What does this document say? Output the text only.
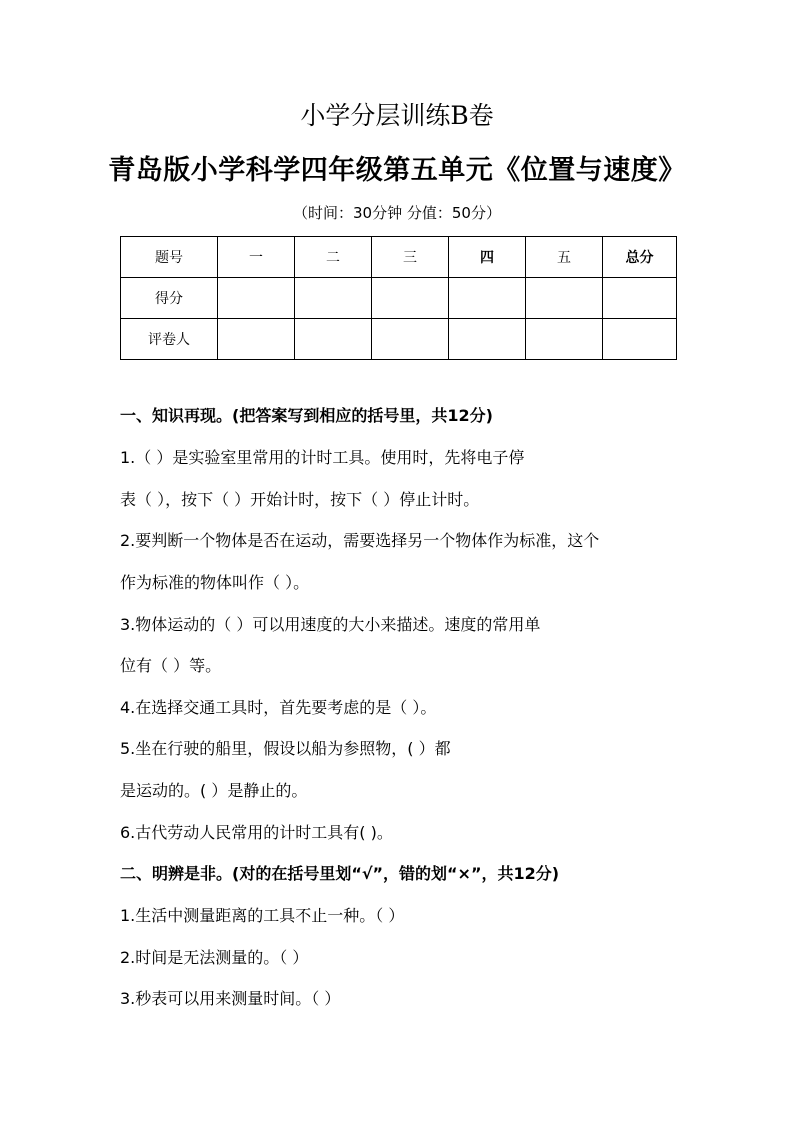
小学分层训练B卷
青岛版小学科学四年级第五单元《位置与速度》
（时间：30分钟 分值：50分）
题号	一	二	三	四	五	总分
得分						
评卷人						
一、知识再现。(把答案写到相应的括号里，共12分)
1.（ ）是实验室里常用的计时工具。使用时，先将电子停
表（ ），按下（ ）开始计时，按下（ ）停止计时。
2.要判断一个物体是否在运动，需要选择另一个物体作为标准，这个
作为标准的物体叫作（ ）。
3.物体运动的（ ）可以用速度的大小来描述。速度的常用单
位有（ ）等。
4.在选择交通工具时，首先要考虑的是（ ）。
5.坐在行驶的船里，假设以船为参照物，( ）都
是运动的。( ）是静止的。
6.古代劳动人民常用的计时工具有( )。
二、明辨是非。(对的在括号里划“√”，错的划“×”，共12分)
1.生活中测量距离的工具不止一种。（ ）
2.时间是无法测量的。（ ）
3.秒表可以用来测量时间。（ ）
